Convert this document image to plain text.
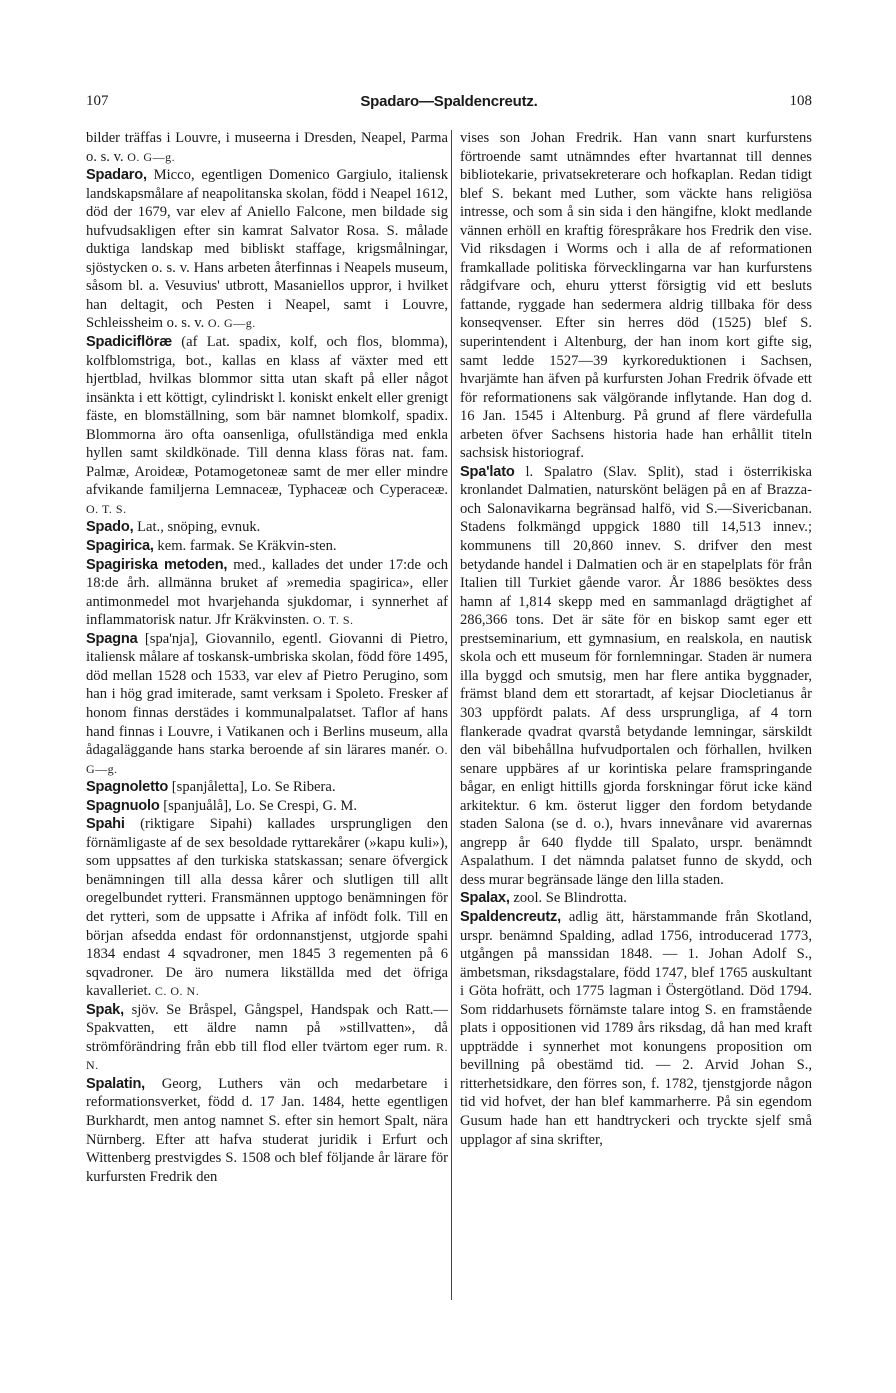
107	Spadaro—Spaldencreutz.	108

bilder träffas i Louvre, i museerna i Dresden, Neapel, Parma o. s. v. O. G—g.

Spadaro, Micco, egentligen Domenico Gargiulo, italiensk landskapsmålare af neapolitanska skolan, född i Neapel 1612, död der 1679, var elev af Aniello Falcone, men bildade sig hufvudsakligen efter sin kamrat Salvator Rosa. S. målade duktiga landskap med bibliskt staffage, krigsmålningar, sjöstycken o. s. v. Hans arbeten återfinnas i Neapels museum, såsom bl. a. Vesuvius' utbrott, Masaniellos uppror, i hvilket han deltagit, och Pesten i Neapel, samt i Louvre, Schleissheim o. s. v. O. G—g.

Spadiciflöræ (af Lat. spadix, kolf, och flos, blomma), kolfblomstriga, bot., kallas en klass af växter med ett hjertblad, hvilkas blommor sitta utan skaft på eller något insänkta i ett köttigt, cylindriskt l. koniskt enkelt eller grenigt fäste, en blomställning, som bär namnet blomkolf, spadix. Blommorna äro ofta oansenliga, ofullständiga med enkla hyllen samt skildkönade. Till denna klass föras nat. fam. Palmæ, Aroideæ, Potamogetoneæ samt de mer eller mindre afvikande familjerna Lemnaceæ, Typhaceæ och Cyperaceæ. O. T. S.

Spado, Lat., snöping, evnuk.

Spagirica, kem. farmak. Se Kräkvin-sten.

Spagiriska metoden, med., kallades det under 17:de och 18:de årh. allmänna bruket af »remedia spagirica», eller antimonmedel mot hvarjehanda sjukdomar, i synnerhet af inflammatorisk natur. Jfr Kräkvinsten. O. T. S.

Spagna [spa'nja], Giovannilo, egentl. Giovanni di Pietro, italiensk målare af toskansk-umbriska skolan, född före 1495, död mellan 1528 och 1533, var elev af Pietro Perugino, som han i hög grad imiterade, samt verksam i Spoleto. Fresker af honom finnas derstädes i kommunalpalatset. Taflor af hans hand finnas i Louvre, i Vatikanen och i Berlins museum, alla ådagaläggande hans starka beroende af sin lärares manér. O. G—g.

Spagnoletto [spanjåletta], Lo. Se Ribera.

Spagnuolo [spanjuålå], Lo. Se Crespi, G. M.

Spahi (riktigare Sipahi) kallades ursprungligen den förnämligaste af de sex besoldade ryttarekårer (»kapu kuli»), som uppsattes af den turkiska statskassan; senare öfvergick benämningen till alla dessa kårer och slutligen till allt oregelbundet rytteri. Fransmännen upptogo benämningen för det rytteri, som de uppsatte i Afrika af infödt folk. Till en början afsedda endast för ordonnanstjenst, utgjorde spahi 1834 endast 4 sqvadroner, men 1845 3 regementen på 6 sqvadroner. De äro numera likställda med det öfriga kavalleriet. C. O. N.

Spak, sjöv. Se Bråspel, Gångspel, Handspak och Ratt.—Spakvatten, ett äldre namn på »stillvatten», då strömförändring från ebb till flod eller tvärtom eger rum. R. N.

Spalatin, Georg, Luthers vän och medarbetare i reformationsverket, född d. 17 Jan. 1484, hette egentligen Burkhardt, men antog namnet S. efter sin hemort Spalt, nära Nürnberg. Efter att hafva studerat juridik i Erfurt och Wittenberg prestvigdes S. 1508 och blef följande år lärare för kurfursten Fredrik den

vises son Johan Fredrik. Han vann snart kurfurstens förtroende samt utnämndes efter hvartannat till dennes bibliotekarie, privatsekreterare och hofkaplan. Redan tidigt blef S. bekant med Luther, som väckte hans religiösa intresse, och som å sin sida i den hängifne, klokt medlande vännen erhöll en kraftig förespråkare hos Fredrik den vise. Vid riksdagen i Worms och i alla de af reformationen framkallade politiska förvecklingarna var han kurfurstens rådgifvare och, ehuru ytterst försigtig vid ett besluts fattande, ryggade han sedermera aldrig tillbaka för dess konseqvenser. Efter sin herres död (1525) blef S. superintendent i Altenburg, der han inom kort gifte sig, samt ledde 1527—39 kyrkoreduktionen i Sachsen, hvarjämte han äfven på kurfursten Johan Fredrik öfvade ett för reformationens sak välgörande inflytande. Han dog d. 16 Jan. 1545 i Altenburg. På grund af flere värdefulla arbeten öfver Sachsens historia hade han erhållit titeln sachsisk historiograf.

Spa'lato l. Spalatro (Slav. Split), stad i österrikiska kronlandet Dalmatien, naturskönt belägen på en af Brazza- och Salonavikarna begränsad halfö, vid S.—Sivericbanan. Stadens folkmängd uppgick 1880 till 14,513 innev.; kommunens till 20,860 innev. S. drifver den mest betydande handel i Dalmatien och är en stapelplats för från Italien till Turkiet gående varor. År 1886 besöktes dess hamn af 1,814 skepp med en sammanlagd drägtighet af 286,366 tons. Det är säte för en biskop samt eger ett prestseminarium, ett gymnasium, en realskola, en nautisk skola och ett museum för fornlemningar. Staden är numera illa byggd och smutsig, men har flere antika byggnader, främst bland dem ett storartadt, af kejsar Diocletianus år 303 uppfördt palats. Af dess ursprungliga, af 4 torn flankerade qvadrat qvarstå betydande lemningar, särskildt den väl bibehållna hufvudportalen och förhallen, hvilken senare uppbäres af ur korintiska pelare framspringande bågar, en enligt hittills gjorda forskningar förut icke känd arkitektur. 6 km. österut ligger den fordom betydande staden Salona (se d. o.), hvars innevånare vid avarernas angrepp år 640 flydde till Spalato, urspr. benämndt Aspalathum. I det nämnda palatset funno de skydd, och dess murar begränsade länge den lilla staden.

Spalax, zool. Se Blindrotta.

Spaldencreutz, adlig ätt, härstammande från Skotland, urspr. benämnd Spalding, adlad 1756, introducerad 1773, utgången på manssidan 1848. — 1. Johan Adolf S., ämbetsman, riksdagstalare, född 1747, blef 1765 auskultant i Göta hofrätt, och 1775 lagman i Östergötland. Död 1794. Som riddarhusets förnämste talare intog S. en framstående plats i oppositionen vid 1789 års riksdag, då han med kraft uppträdde i synnerhet mot konungens proposition om bevillning på obestämd tid. — 2. Arvid Johan S., ritterhetsidkare, den förres son, f. 1782, tjenstgjorde någon tid vid hofvet, der han blef kammarherre. På sin egendom Gusum hade han ett handtryckeri och tryckte sjelf små upplagor af sina skrifter,
